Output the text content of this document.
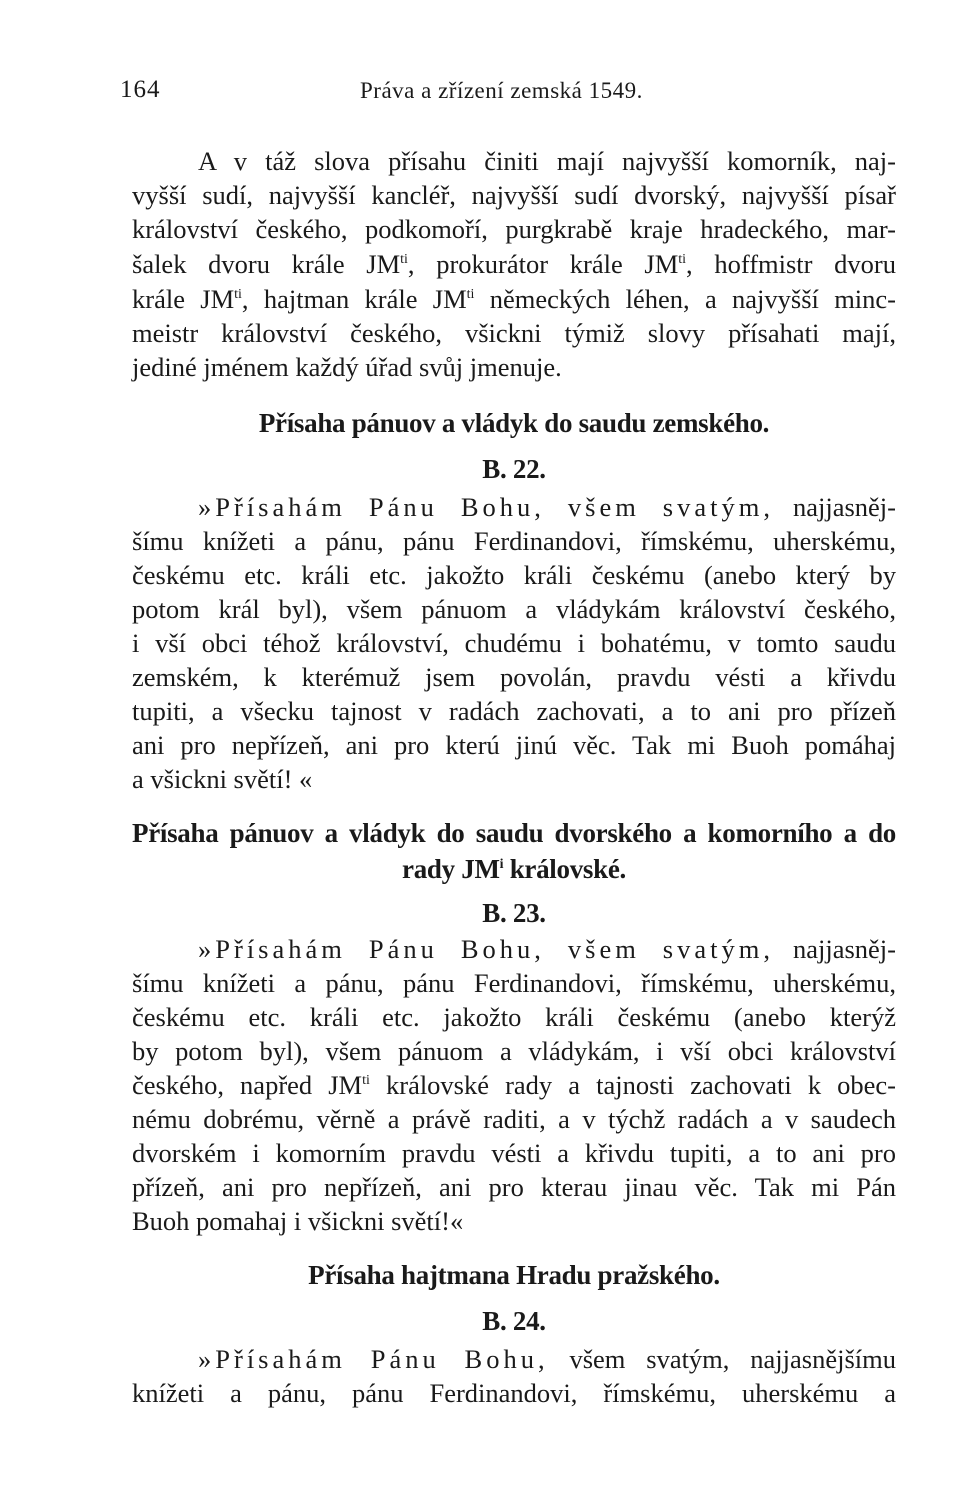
164	Práva a zřízení zemská 1549.
A v táž slova přísahu činiti mají najvyšší komorník, naj-
vyšší sudí, najvyšší kancléř, najvyšší sudí dvorský, najvyšší písař
království českého, podkomoří, purgkrabě kraje hradeckého, mar-
šalek dvoru krále $JM^{ti}$, prokurátor krále $JM^{ti}$, hoffmistr dvoru
krále $JM^{ti}$, hajtman krále $JM^{ti}$ německých léhen, a najvyšší minc-
meistr království českého, všickni týmiž slovy přísahati mají,
jediné jménem každý úřad svůj jmenuje.
Přísaha pánuov a vládyk do saudu zemského.
B. 22.
»Přísahám Pánu Bohu, všem svatým, najjasněj-
šímu knížeti a pánu, pánu Ferdinandovi, římskému, uherskému,
českému etc. králi etc. jakožto králi českému (anebo který by
potom král byl), všem pánuom a vládykám království českého,
i vší obci téhož království, chudému i bohatému, v tomto saudu
zemském, k kterémuž jsem povolán, pravdu vésti a křivdu
tupiti, a všecku tajnost v radách zachovati, a to ani pro přízeň
ani pro nepřízeň, ani pro kterú jinú věc. Tak mi Buoh pomáhaj
a všickni světí! «
Přísaha pánuov a vládyk do saudu dvorského a komorního a do
rady $JM^i$ královské.
B. 23.
»Přísahám Pánu Bohu, všem svatým, najjasněj-
šímu knížeti a pánu, pánu Ferdinandovi, římskému, uherskému,
českému etc. králi etc. jakožto králi českému (anebo kterýž
by potom byl), všem pánuom a vládykám, i vší obci království
českého, napřed $JM^{ti}$ královské rady a tajnosti zachovati k obec-
nému dobrému, věrně a právě raditi, a v týchž radách a v saudech
dvorském i komorním pravdu vésti a křivdu tupiti, a to ani pro
přízeň, ani pro nepřízeň, ani pro kterau jinau věc. Tak mi Pán
Buoh pomahaj i všickni světí!«
Přísaha hajtmana Hradu pražského.
B. 24.
»Přísahám Pánu Bohu, všem svatým, najjasnějšímu
knížeti a pánu, pánu Ferdinandovi, římskému, uherskému a
